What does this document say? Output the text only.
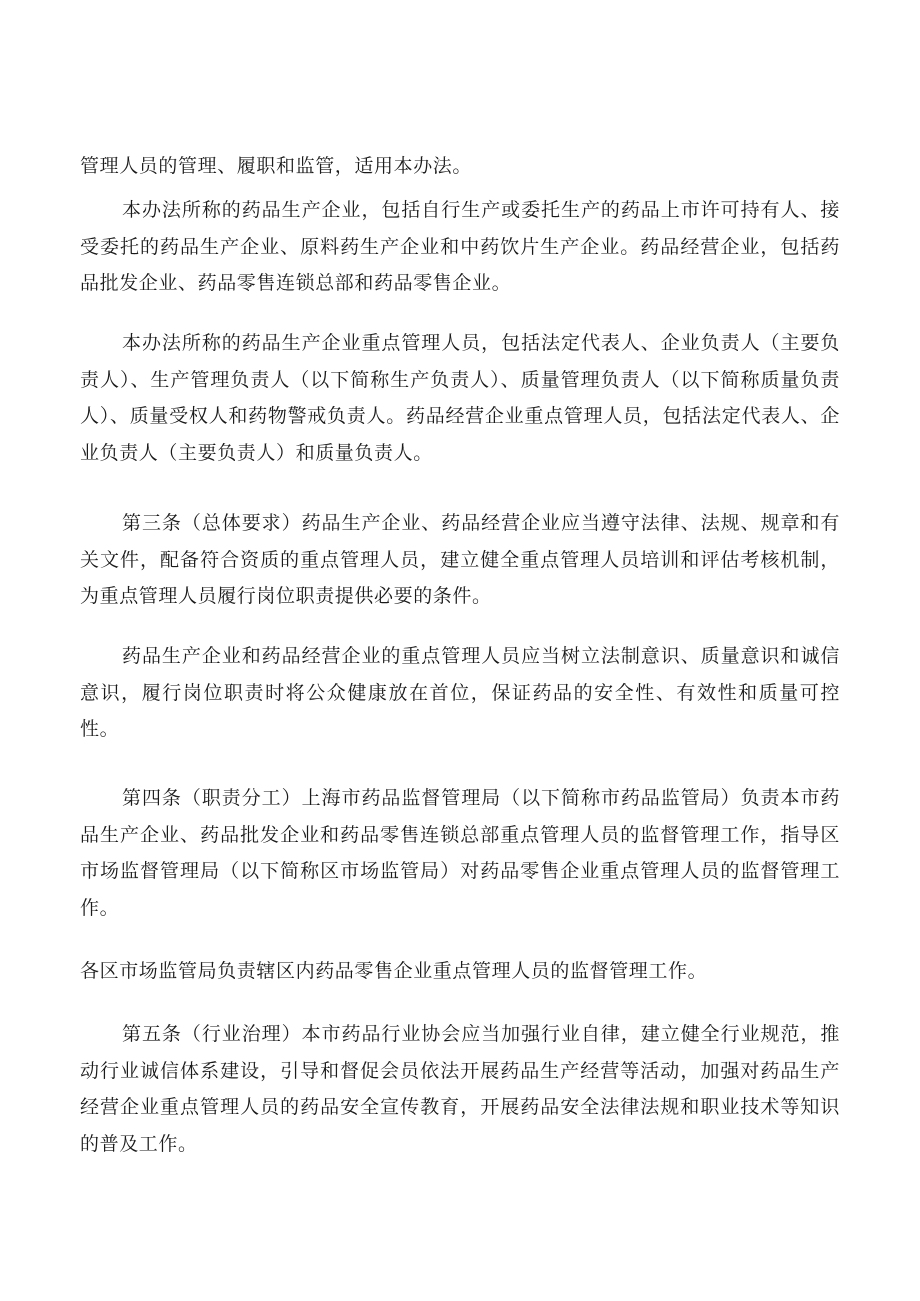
管理人员的管理、履职和监管，适用本办法。

本办法所称的药品生产企业，包括自行生产或委托生产的药品上市许可持有人、接受委托的药品生产企业、原料药生产企业和中药饮片生产企业。药品经营企业，包括药品批发企业、药品零售连锁总部和药品零售企业。

本办法所称的药品生产企业重点管理人员，包括法定代表人、企业负责人（主要负责人）、生产管理负责人（以下简称生产负责人）、质量管理负责人（以下简称质量负责人）、质量受权人和药物警戒负责人。药品经营企业重点管理人员，包括法定代表人、企业负责人（主要负责人）和质量负责人。

第三条（总体要求）药品生产企业、药品经营企业应当遵守法律、法规、规章和有关文件，配备符合资质的重点管理人员，建立健全重点管理人员培训和评估考核机制，为重点管理人员履行岗位职责提供必要的条件。

药品生产企业和药品经营企业的重点管理人员应当树立法制意识、质量意识和诚信意识，履行岗位职责时将公众健康放在首位，保证药品的安全性、有效性和质量可控性。

第四条（职责分工）上海市药品监督管理局（以下简称市药品监管局）负责本市药品生产企业、药品批发企业和药品零售连锁总部重点管理人员的监督管理工作，指导区市场监督管理局（以下简称区市场监管局）对药品零售企业重点管理人员的监督管理工作。

各区市场监管局负责辖区内药品零售企业重点管理人员的监督管理工作。

第五条（行业治理）本市药品行业协会应当加强行业自律，建立健全行业规范，推动行业诚信体系建设，引导和督促会员依法开展药品生产经营等活动，加强对药品生产经营企业重点管理人员的药品安全宣传教育，开展药品安全法律法规和职业技术等知识的普及工作。
